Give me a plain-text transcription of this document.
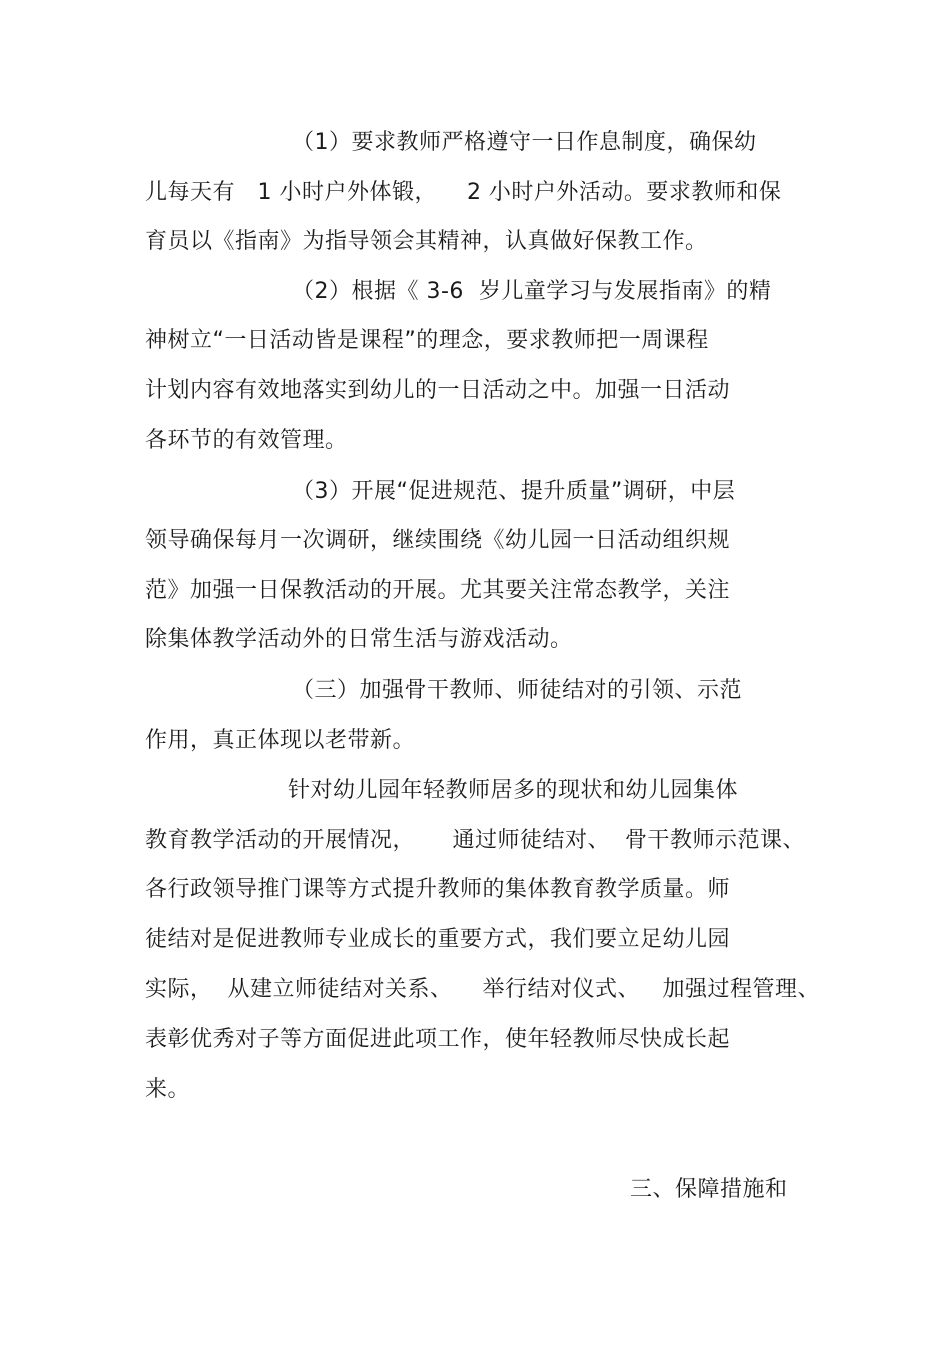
（1）要求教师严格遵守一日作息制度，确保幼
儿每天有   1 小时户外体锻，    2 小时户外活动。要求教师和保
育员以《指南》为指导领会其精神，认真做好保教工作。
（2）根据《 3-6  岁儿童学习与发展指南》的精
神树立“一日活动皆是课程”的理念，要求教师把一周课程
计划内容有效地落实到幼儿的一日活动之中。加强一日活动
各环节的有效管理。
（3）开展“促进规范、提升质量”调研，中层
领导确保每月一次调研，继续围绕《幼儿园一日活动组织规
范》加强一日保教活动的开展。尤其要关注常态教学，关注
除集体教学活动外的日常生活与游戏活动。
（三）加强骨干教师、师徒结对的引领、示范
作用，真正体现以老带新。
针对幼儿园年轻教师居多的现状和幼儿园集体
教育教学活动的开展情况，     通过师徒结对、  骨干教师示范课、
各行政领导推门课等方式提升教师的集体教育教学质量。师
徒结对是促进教师专业成长的重要方式，我们要立足幼儿园
实际，  从建立师徒结对关系、    举行结对仪式、   加强过程管理、
表彰优秀对子等方面促进此项工作，使年轻教师尽快成长起
来。
三、保障措施和
